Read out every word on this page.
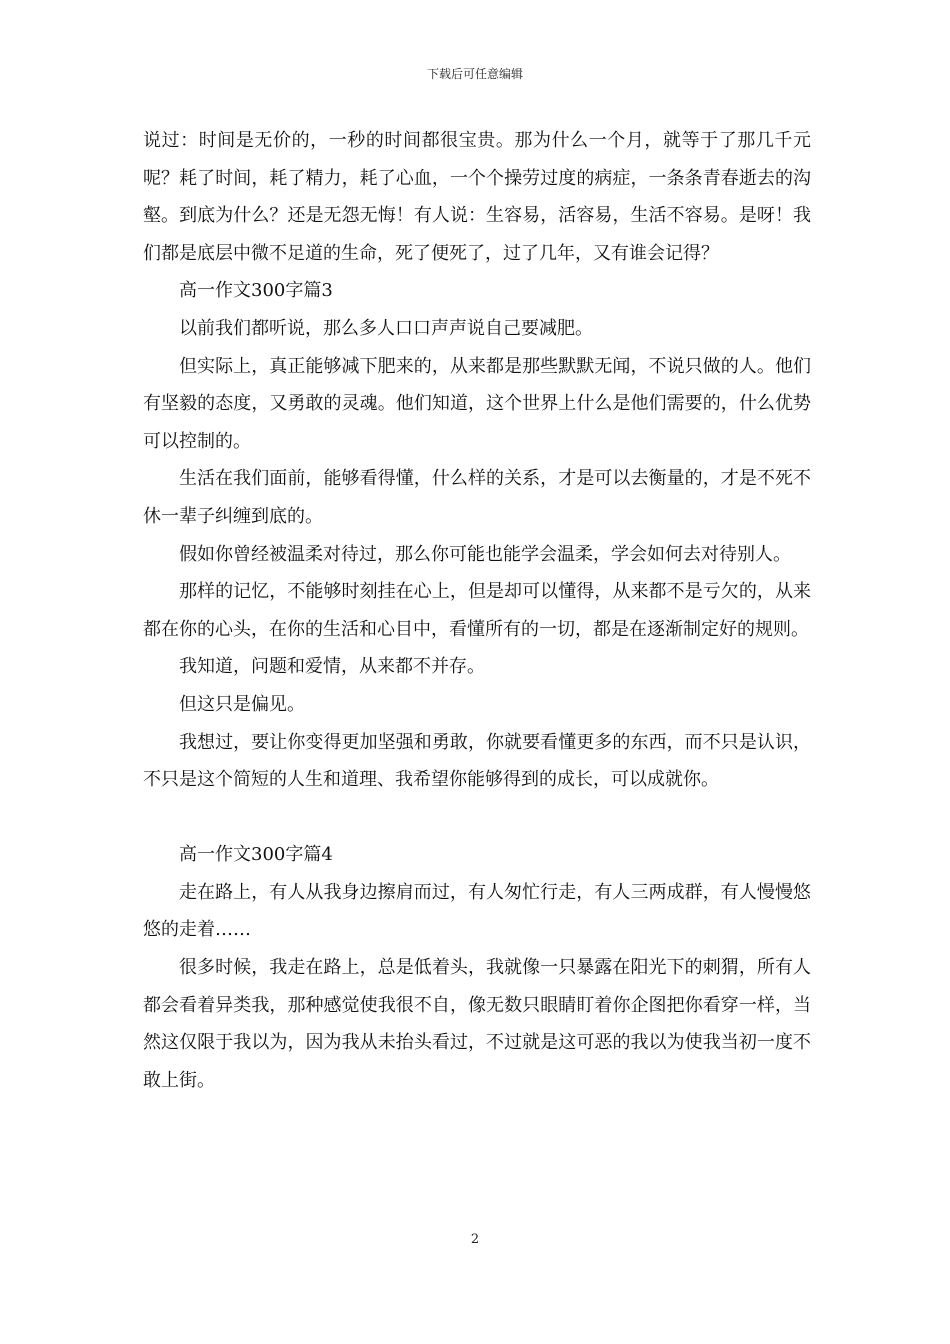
下载后可任意编辑

说过：时间是无价的，一秒的时间都很宝贵。那为什么一个月，就等于了那几千元呢？耗了时间，耗了精力，耗了心血，一个个操劳过度的病症，一条条青春逝去的沟壑。到底为什么？还是无怨无悔！有人说：生容易，活容易，生活不容易。是呀！我们都是底层中微不足道的生命，死了便死了，过了几年，又有谁会记得？

高一作文300字篇3

以前我们都听说，那么多人口口声声说自己要减肥。

但实际上，真正能够减下肥来的，从来都是那些默默无闻，不说只做的人。他们有坚毅的态度，又勇敢的灵魂。他们知道，这个世界上什么是他们需要的，什么优势可以控制的。

生活在我们面前，能够看得懂，什么样的关系，才是可以去衡量的，才是不死不休一辈子纠缠到底的。

假如你曾经被温柔对待过，那么你可能也能学会温柔，学会如何去对待别人。

那样的记忆，不能够时刻挂在心上，但是却可以懂得，从来都不是亏欠的，从来都在你的心头，在你的生活和心目中，看懂所有的一切，都是在逐渐制定好的规则。

我知道，问题和爱情，从来都不并存。

但这只是偏见。

我想过，要让你变得更加坚强和勇敢，你就要看懂更多的东西，而不只是认识，不只是这个简短的人生和道理、我希望你能够得到的成长，可以成就你。

高一作文300字篇4

走在路上，有人从我身边擦肩而过，有人匆忙行走，有人三两成群，有人慢慢悠悠的走着……

很多时候，我走在路上，总是低着头，我就像一只暴露在阳光下的刺猬，所有人都会看着异类我，那种感觉使我很不自，像无数只眼睛盯着你企图把你看穿一样，当然这仅限于我以为，因为我从未抬头看过，不过就是这可恶的我以为使我当初一度不敢上街。

2
